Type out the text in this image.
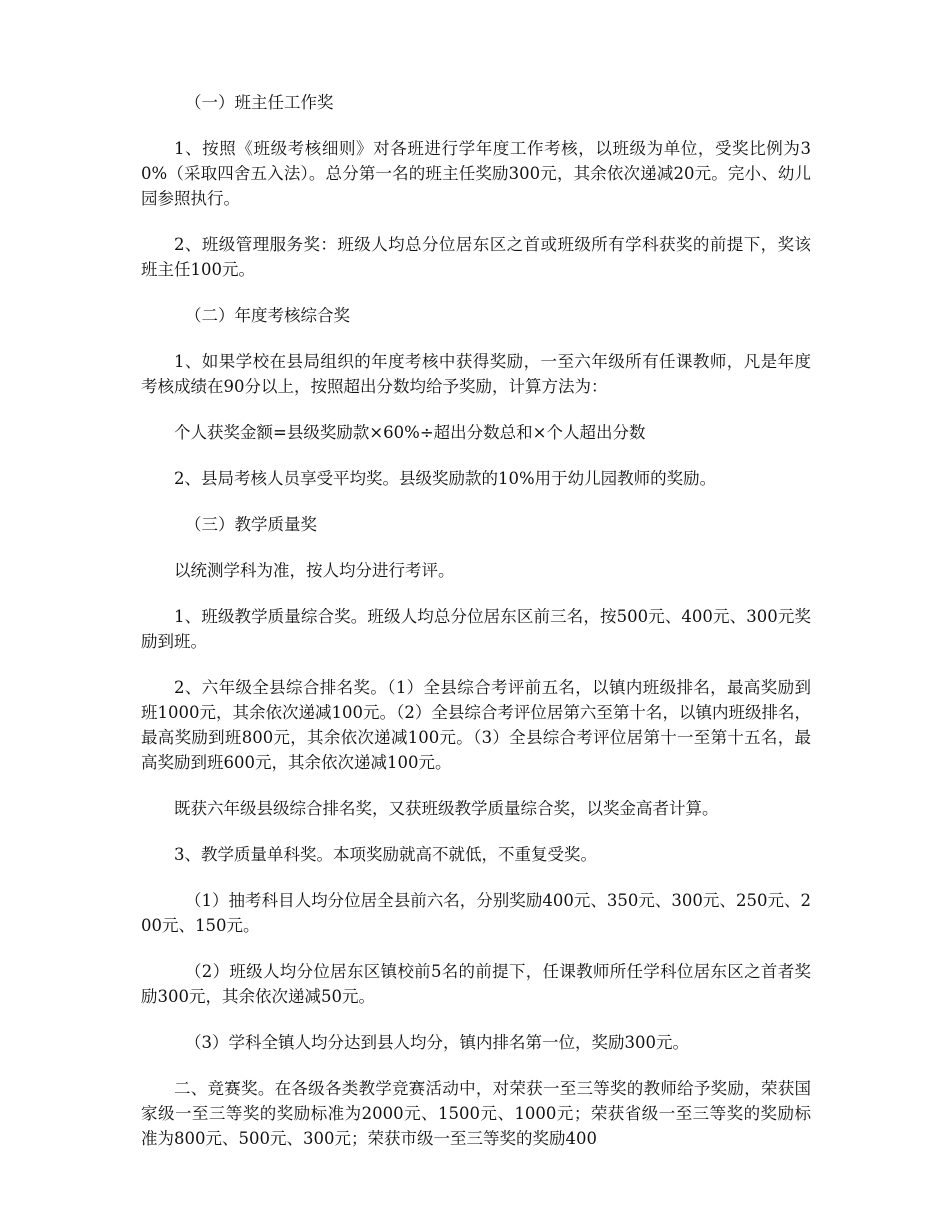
（一）班主任工作奖

1、按照《班级考核细则》对各班进行学年度工作考核，以班级为单位，受奖比例为30%（采取四舍五入法）。总分第一名的班主任奖励300元，其余依次递减20元。完小、幼儿园参照执行。

2、班级管理服务奖：班级人均总分位居东区之首或班级所有学科获奖的前提下，奖该班主任100元。

（二）年度考核综合奖

1、如果学校在县局组织的年度考核中获得奖励，一至六年级所有任课教师，凡是年度考核成绩在90分以上，按照超出分数均给予奖励，计算方法为：

个人获奖金额=县级奖励款×60%÷超出分数总和×个人超出分数

2、县局考核人员享受平均奖。县级奖励款的10%用于幼儿园教师的奖励。

（三）教学质量奖

以统测学科为准，按人均分进行考评。

1、班级教学质量综合奖。班级人均总分位居东区前三名，按500元、400元、300元奖励到班。

2、六年级全县综合排名奖。（1）全县综合考评前五名，以镇内班级排名，最高奖励到班1000元，其余依次递减100元。（2）全县综合考评位居第六至第十名，以镇内班级排名，最高奖励到班800元，其余依次递减100元。（3）全县综合考评位居第十一至第十五名，最高奖励到班600元，其余依次递减100元。

既获六年级县级综合排名奖，又获班级教学质量综合奖，以奖金高者计算。

3、教学质量单科奖。本项奖励就高不就低，不重复受奖。

（1）抽考科目人均分位居全县前六名，分别奖励400元、350元、300元、250元、200元、150元。

（2）班级人均分位居东区镇校前5名的前提下，任课教师所任学科位居东区之首者奖励300元，其余依次递减50元。

（3）学科全镇人均分达到县人均分，镇内排名第一位，奖励300元。

二、竞赛奖。在各级各类教学竞赛活动中，对荣获一至三等奖的教师给予奖励，荣获国家级一至三等奖的奖励标准为2000元、1500元、1000元；荣获省级一至三等奖的奖励标准为800元、500元、300元；荣获市级一至三等奖的奖励400
